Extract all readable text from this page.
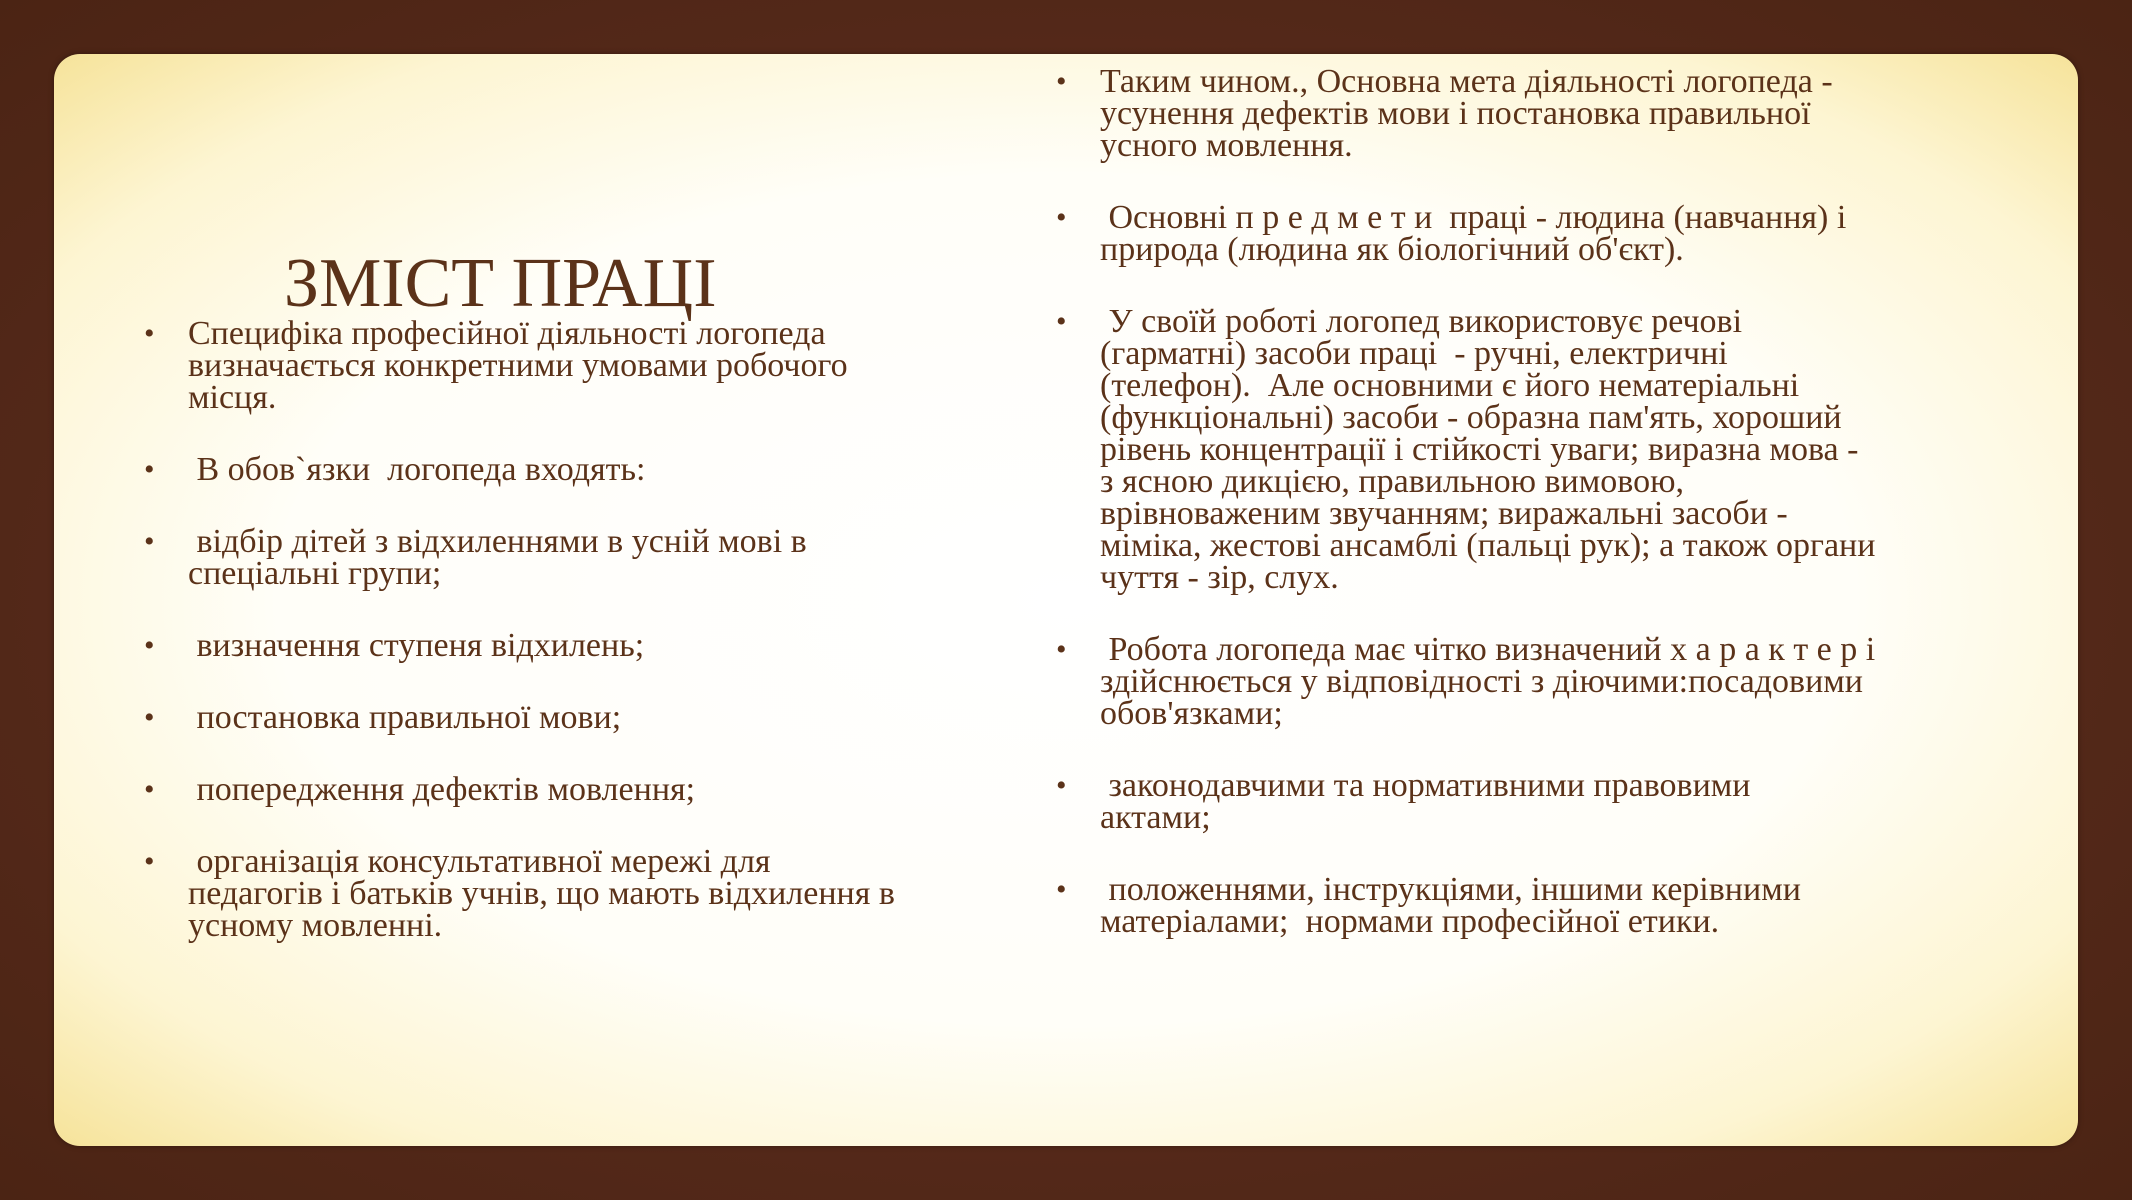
ЗМІСТ ПРАЦІ
• Специфіка професійної діяльності логопеда
визначається конкретними умовами робочого
місця.
• В обов`язки  логопеда входять:
• відбір дітей з відхиленнями в усній мові в
спеціальні групи;
• визначення ступеня відхилень;
• постановка правильної мови;
• попередження дефектів мовлення;
• організація консультативної мережі для
педагогів і батьків учнів, що мають відхилення в
усному мовленні.
• Таким чином., Основна мета діяльності логопеда -
усунення дефектів мови і постановка правильної
усного мовлення.
• Основні п р е д м е т и  праці - людина (навчання) і
природа (людина як біологічний об'єкт).
• У своїй роботі логопед використовує речові
(гарматні) засоби праці  - ручні, електричні
(телефон).  Але основними є його нематеріальні
(функціональні) засоби - образна пам'ять, хороший
рівень концентрації і стійкості уваги; виразна мова -
з ясною дикцією, правильною вимовою,
врівноваженим звучанням; виражальні засоби -
міміка, жестові ансамблі (пальці рук); а також органи
чуття - зір, слух.
• Робота логопеда має чітко визначений х а р а к т е р і
здійснюється у відповідності з діючими:посадовими
обов'язками;
• законодавчими та нормативними правовими
актами;
• положеннями, інструкціями, іншими керівними
матеріалами;  нормами професійної етики.
